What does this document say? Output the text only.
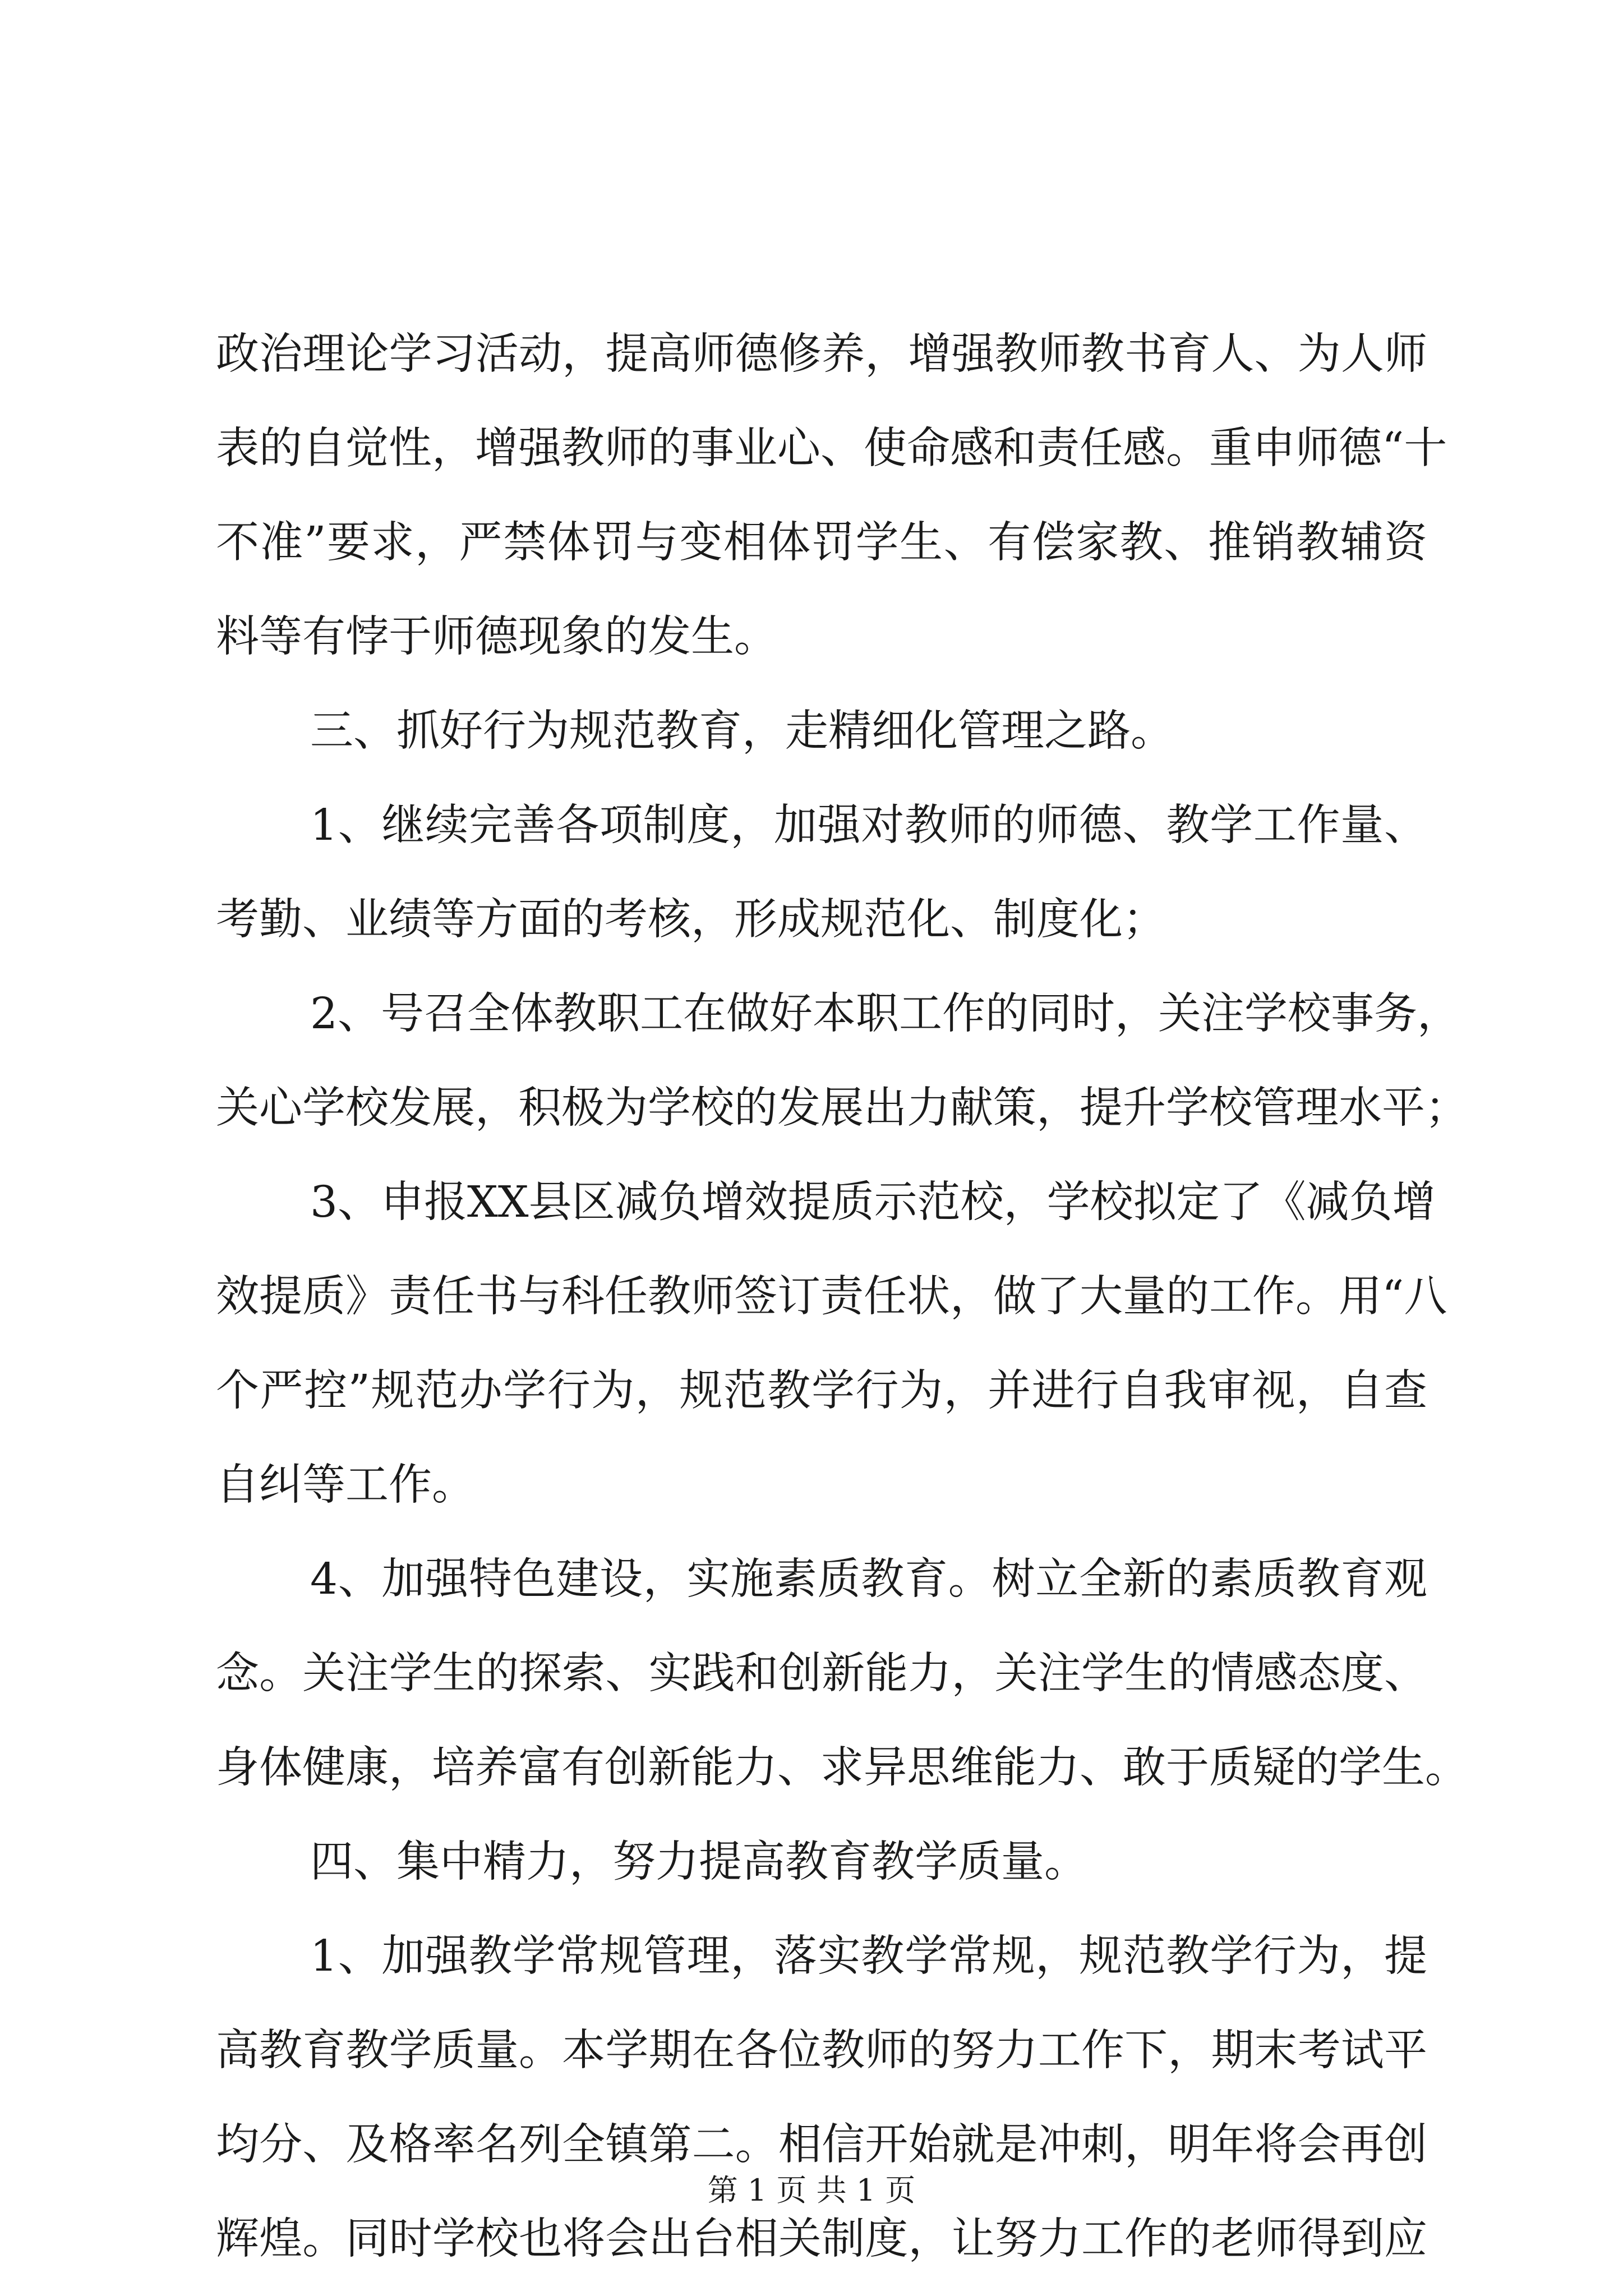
政治理论学习活动，提高师德修养，增强教师教书育人、为人师
表的自觉性，增强教师的事业心、使命感和责任感。重申师德“十
不准”要求，严禁体罚与变相体罚学生、有偿家教、推销教辅资
料等有悖于师德现象的发生。
三、抓好行为规范教育，走精细化管理之路。
1、继续完善各项制度，加强对教师的师德、教学工作量、
考勤、业绩等方面的考核，形成规范化、制度化；
2、号召全体教职工在做好本职工作的同时，关注学校事务，
关心学校发展，积极为学校的发展出力献策，提升学校管理水平；
3、申报XX县区减负增效提质示范校，学校拟定了《减负增
效提质》责任书与科任教师签订责任状，做了大量的工作。用“八
个严控”规范办学行为，规范教学行为，并进行自我审视，自查
自纠等工作。
4、加强特色建设，实施素质教育。树立全新的素质教育观
念。关注学生的探索、实践和创新能力，关注学生的情感态度、
身体健康，培养富有创新能力、求异思维能力、敢于质疑的学生。
四、集中精力，努力提高教育教学质量。
1、加强教学常规管理，落实教学常规，规范教学行为，提
高教育教学质量。本学期在各位教师的努力工作下，期末考试平
均分、及格率名列全镇第二。相信开始就是冲刺，明年将会再创
辉煌。同时学校也将会出台相关制度，让努力工作的老师得到应
第 1 页 共 1 页
